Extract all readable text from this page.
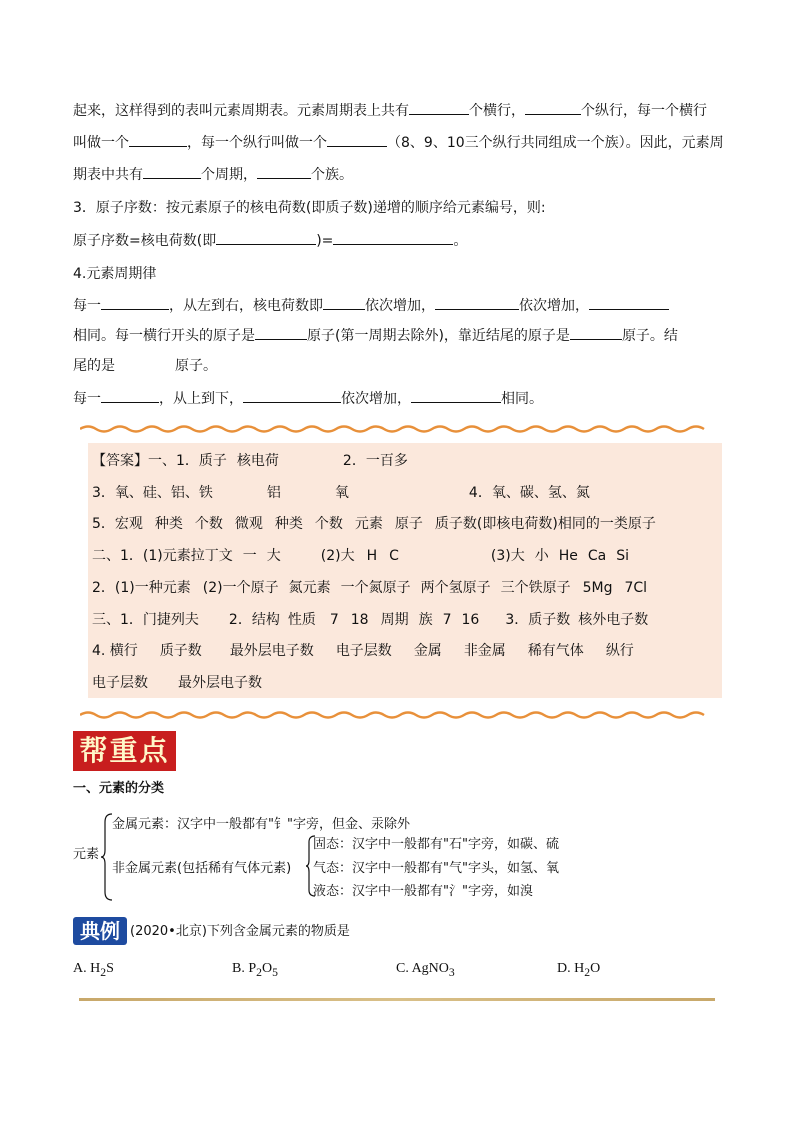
起来，这样得到的表叫元素周期表。元素周期表上共有	个横行，	个纵行，每一个横行
叫做一个	，每一个纵行叫做一个	（8、9、10三个纵行共同组成一个族）。因此，元素周
期表中共有	个周期，	个族。
3．原子序数：按元素原子的核电荷数(即质子数)递增的顺序给元素编号，则:
原子序数=核电荷数(即	)=	。
4.元素周期律
每一	，从左到右，核电荷数即	依次增加，	依次增加，
相同。每一横行开头的原子是	原子(第一周期去除外)，靠近结尾的原子是	原子。结
尾的是	原子。
每一	，从上到下，	依次增加，	相同。
【答案】一、1．质子 核电荷	2．一百多
3．氧、硅、铝、铁	铝	氧	4．氧、碳、氢、氮
5．宏观 种类 个数 微观 种类 个数 元素 原子 质子数(即核电荷数)相同的一类原子
二、1．(1)元素拉丁文 一 大	(2)大 H C	(3)大 小 He Ca Si
2．(1)一种元素 (2)一个原子 氮元素 一个氮原子 两个氢原子 三个铁原子 5Mg 7Cl
三、1．门捷列夫 2．结构 性质 7 18 周期 族 7 16 3．质子数 核外电子数
4. 横行 质子数 最外层电子数 电子层数 金属 非金属 稀有气体 纵行
电子层数 最外层电子数
帮重点
一、元素的分类
元素
金属元素：汉字中一般都有"钅"字旁，但金、汞除外
非金属元素(包括稀有气体元素)
固态：汉字中一般都有"石"字旁，如碳、硫
气态：汉字中一般都有"气"字头，如氢、氧
液态：汉字中一般都有"氵"字旁，如溴
典例 (2020•北京)下列含金属元素的物质是
A. $H_2S$	B. $P_2O_5$	C. AgNO$_3$	D. $H_2O$
